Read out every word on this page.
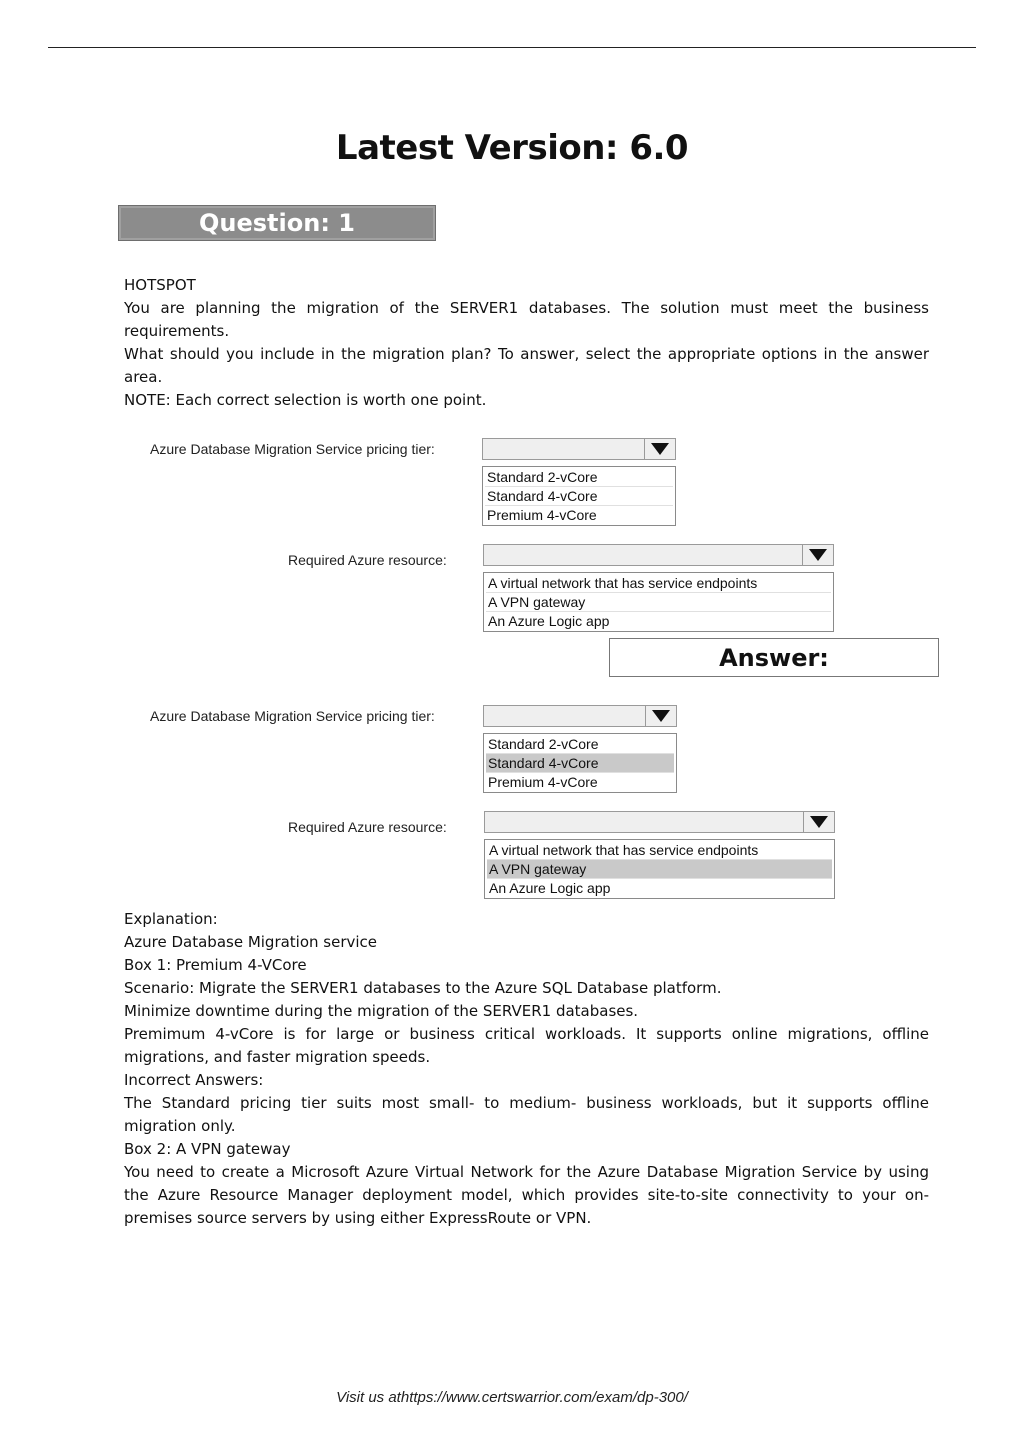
Latest Version: 6.0
Question: 1

HOTSPOT

You are planning the migration of the SERVER1 databases. The solution must meet the business requirements.

What should you include in the migration plan? To answer, select the appropriate options in the answer area.

NOTE: Each correct selection is worth one point.

Azure Database Migration Service pricing tier:
Standard 2-vCore
Standard 4-vCore
Premium 4-vCore
Required Azure resource:
A virtual network that has service endpoints
A VPN gateway
An Azure Logic app
Answer:
Azure Database Migration Service pricing tier:
Standard 2-vCore
Standard 4-vCore
Premium 4-vCore
Required Azure resource:
A virtual network that has service endpoints
A VPN gateway
An Azure Logic app

Explanation:

Azure Database Migration service

Box 1: Premium 4-VCore

Scenario: Migrate the SERVER1 databases to the Azure SQL Database platform.

Minimize downtime during the migration of the SERVER1 databases.

Premimum 4-vCore is for large or business critical workloads. It supports online migrations, offline migrations, and faster migration speeds.

Incorrect Answers:

The Standard pricing tier suits most small- to medium- business workloads, but it supports offline migration only.

Box 2: A VPN gateway

You need to create a Microsoft Azure Virtual Network for the Azure Database Migration Service by using the Azure Resource Manager deployment model, which provides site-to-site connectivity to your on-premises source servers by using either ExpressRoute or VPN.

Visit us athttps://www.certswarrior.com/exam/dp-300/
